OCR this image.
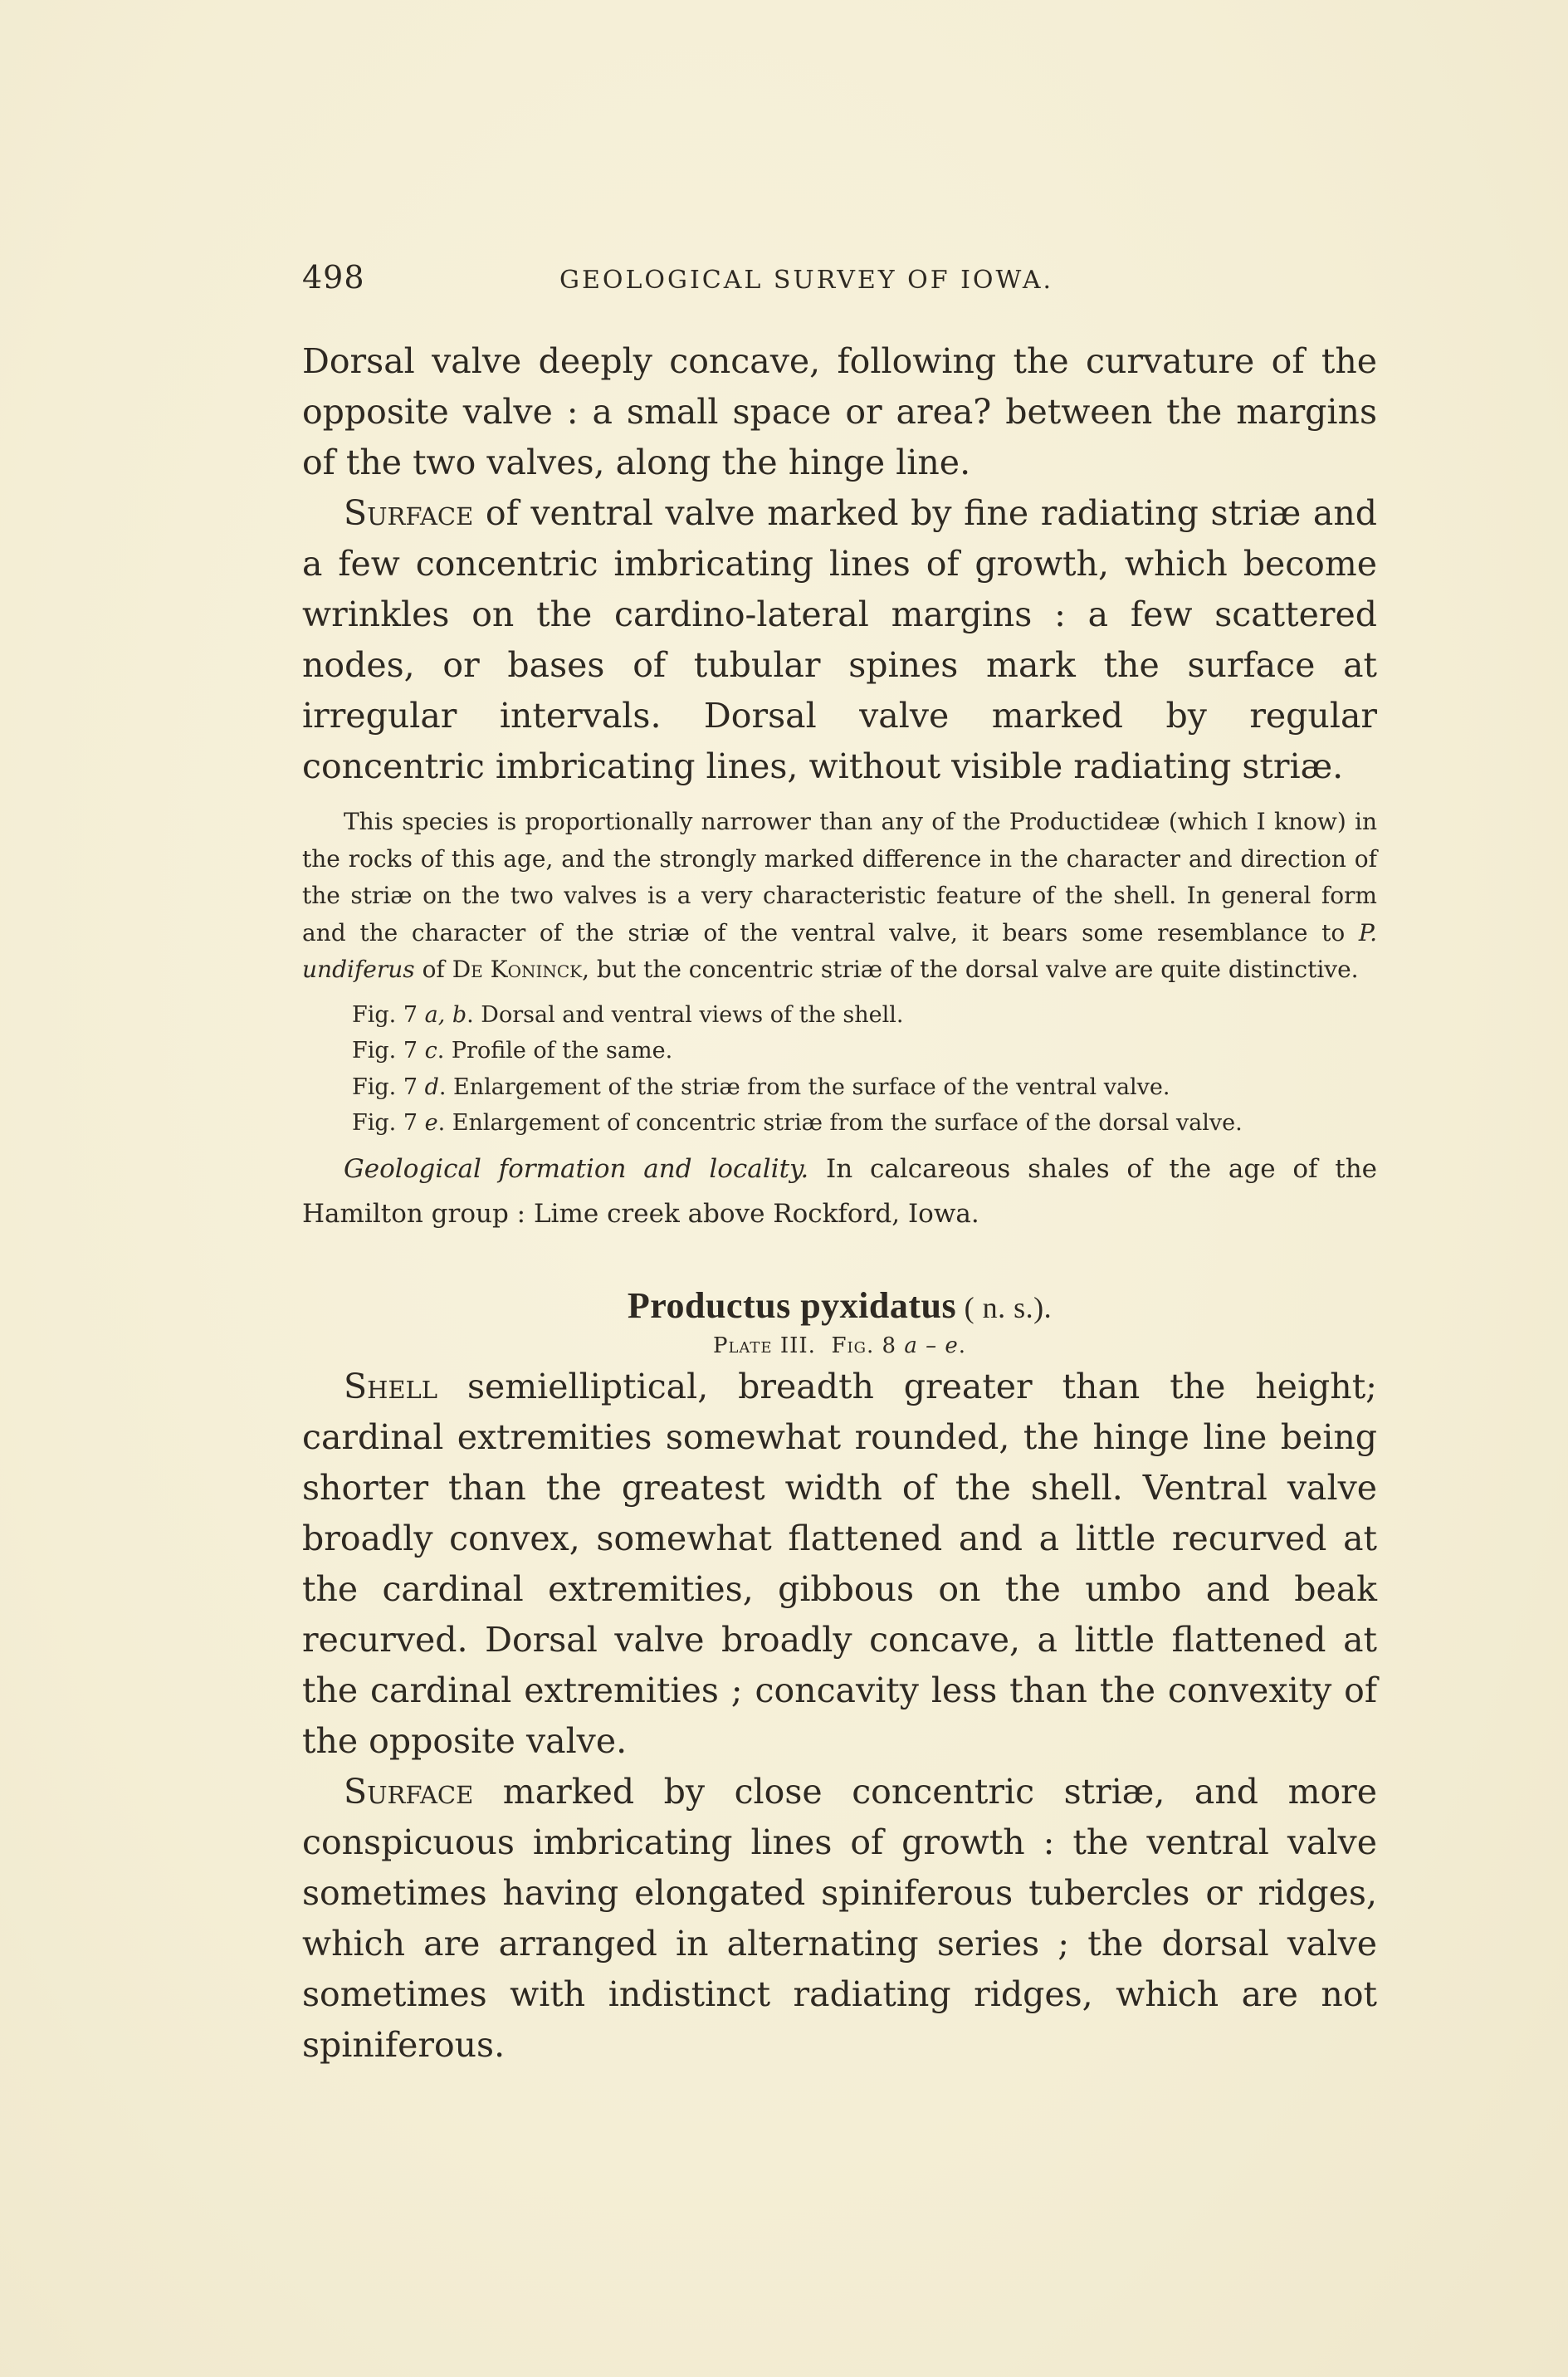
498	GEOLOGICAL SURVEY OF IOWA.

Dorsal valve deeply concave, following the curvature of the opposite valve : a small space or area? between the margins of the two valves, along the hinge line.

Surface of ventral valve marked by fine radiating striæ and a few concentric imbricating lines of growth, which become wrinkles on the cardino-lateral margins : a few scattered nodes, or bases of tubular spines mark the surface at irregular intervals. Dorsal valve marked by regular concentric imbricating lines, without visible radiating striæ.

This species is proportionally narrower than any of the Productideæ (which I know) in the rocks of this age, and the strongly marked difference in the character and direction of the striæ on the two valves is a very characteristic feature of the shell. In general form and the character of the striæ of the ventral valve, it bears some resemblance to P. undiferus of De Koninck, but the concentric striæ of the dorsal valve are quite distinctive.

Fig. 7 a, b. Dorsal and ventral views of the shell.
Fig. 7 c. Profile of the same.
Fig. 7 d. Enlargement of the striæ from the surface of the ventral valve.
Fig. 7 e. Enlargement of concentric striæ from the surface of the dorsal valve.

Geological formation and locality. In calcareous shales of the age of the Hamilton group : Lime creek above Rockford, Iowa.

Productus pyxidatus ( n. s.).
Plate III. Fig. 8 a – e.

Shell semielliptical, breadth greater than the height; cardinal extremities somewhat rounded, the hinge line being shorter than the greatest width of the shell. Ventral valve broadly convex, somewhat flattened and a little recurved at the cardinal extremities, gibbous on the umbo and beak recurved. Dorsal valve broadly concave, a little flattened at the cardinal extremities ; concavity less than the convexity of the opposite valve.

Surface marked by close concentric striæ, and more conspicuous imbricating lines of growth : the ventral valve sometimes having elongated spiniferous tubercles or ridges, which are arranged in alternating series ; the dorsal valve sometimes with indistinct radiating ridges, which are not spiniferous.
